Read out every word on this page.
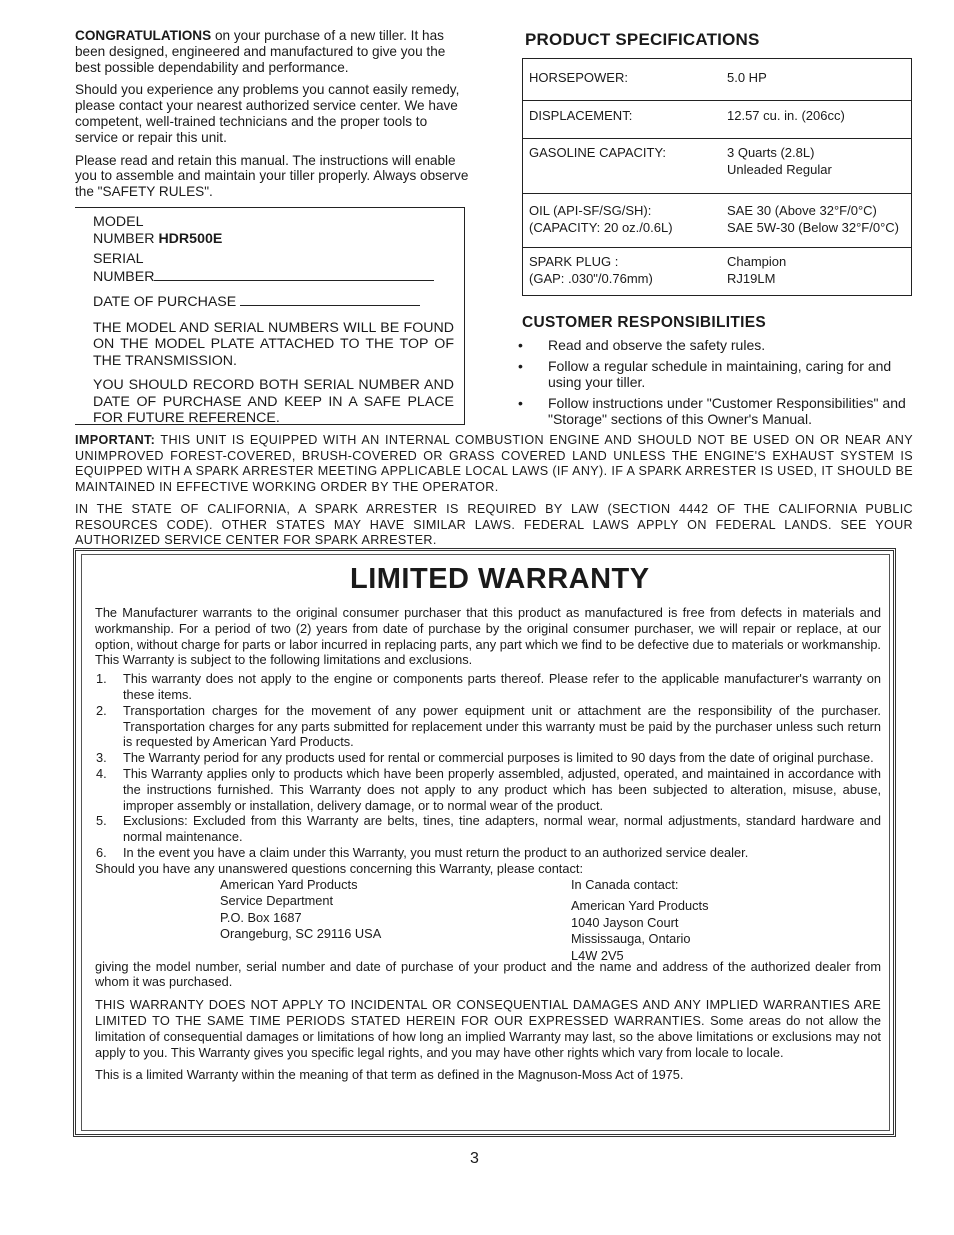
CONGRATULATIONS on your purchase of a new tiller. It has been designed, engineered and manufactured to give you the best possible dependability and performance.

Should you experience any problems you cannot easily remedy, please contact your nearest authorized service center. We have competent, well-trained technicians and the proper tools to service or repair this unit.

Please read and retain this manual. The instructions will enable you to assemble and maintain your tiller properly. Always observe the "SAFETY RULES".

MODEL
NUMBER HDR500E
SERIAL
NUMBER
DATE OF PURCHASE
THE MODEL AND SERIAL NUMBERS WILL BE FOUND ON THE MODEL PLATE ATTACHED TO THE TOP OF THE TRANSMISSION.
YOU SHOULD RECORD BOTH SERIAL NUMBER AND DATE OF PURCHASE AND KEEP IN A SAFE PLACE FOR FUTURE REFERENCE.
PRODUCT SPECIFICATIONS
HORSEPOWER:	5.0 HP

DISPLACEMENT:	12.57 cu. in. (206cc)

GASOLINE CAPACITY:	3 Quarts (2.8L)
Unleaded Regular

OIL (API-SF/SG/SH):
(CAPACITY: 20 oz./0.6L)	SAE 30 (Above 32°F/0°C)
SAE 5W-30 (Below 32°F/0°C)

SPARK PLUG :
(GAP: .030"/0.76mm)	Champion
RJ19LM
CUSTOMER RESPONSIBILITIES
• Read and observe the safety rules.
• Follow a regular schedule in maintaining, caring for and using your tiller.
• Follow instructions under "Customer Responsibilities" and "Storage" sections of this Owner's Manual.
IMPORTANT: THIS UNIT IS EQUIPPED WITH AN INTERNAL COMBUSTION ENGINE AND SHOULD NOT BE USED ON OR NEAR ANY UNIMPROVED FOREST-COVERED, BRUSH-COVERED OR GRASS COVERED LAND UNLESS THE ENGINE'S EXHAUST SYSTEM IS EQUIPPED WITH A SPARK ARRESTER MEETING APPLICABLE LOCAL LAWS (IF ANY). IF A SPARK ARRESTER IS USED, IT SHOULD BE MAINTAINED IN EFFECTIVE WORKING ORDER BY THE OPERATOR.
IN THE STATE OF CALIFORNIA, A SPARK ARRESTER IS REQUIRED BY LAW (SECTION 4442 OF THE CALIFORNIA PUBLIC RESOURCES CODE). OTHER STATES MAY HAVE SIMILAR LAWS. FEDERAL LAWS APPLY ON FEDERAL LANDS. SEE YOUR AUTHORIZED SERVICE CENTER FOR SPARK ARRESTER.
LIMITED WARRANTY

The Manufacturer warrants to the original consumer purchaser that this product as manufactured is free from defects in materials and workmanship. For a period of two (2) years from date of purchase by the original consumer purchaser, we will repair or replace, at our option, without charge for parts or labor incurred in replacing parts, any part which we find to be defective due to materials or workmanship. This Warranty is subject to the following limitations and exclusions.

1. This warranty does not apply to the engine or components parts thereof. Please refer to the applicable manufacturer's warranty on these items.
2. Transportation charges for the movement of any power equipment unit or attachment are the responsibility of the purchaser. Transportation charges for any parts submitted for replacement under this warranty must be paid by the purchaser unless such return is requested by American Yard Products.
3. The Warranty period for any products used for rental or commercial purposes is limited to 90 days from the date of original purchase.
4. This Warranty applies only to products which have been properly assembled, adjusted, operated, and maintained in accordance with the instructions furnished. This Warranty does not apply to any product which has been subjected to alteration, misuse, abuse, improper assembly or installation, delivery damage, or to normal wear of the product.
5. Exclusions: Excluded from this Warranty are belts, tines, tine adapters, normal wear, normal adjustments, standard hardware and normal maintenance.
6. In the event you have a claim under this Warranty, you must return the product to an authorized service dealer.

Should you have any unanswered questions concerning this Warranty, please contact:

American Yard Products
Service Department
P.O. Box 1687
Orangeburg, SC 29116 USA
In Canada contact:
American Yard Products
1040 Jayson Court
Mississauga, Ontario
L4W 2V5

giving the model number, serial number and date of purchase of your product and the name and address of the authorized dealer from whom it was purchased.

THIS WARRANTY DOES NOT APPLY TO INCIDENTAL OR CONSEQUENTIAL DAMAGES AND ANY IMPLIED WARRANTIES ARE LIMITED TO THE SAME TIME PERIODS STATED HEREIN FOR OUR EXPRESSED WARRANTIES. Some areas do not allow the limitation of consequential damages or limitations of how long an implied Warranty may last, so the above limitations or exclusions may not apply to you. This Warranty gives you specific legal rights, and you may have other rights which vary from locale to locale.

This is a limited Warranty within the meaning of that term as defined in the Magnuson-Moss Act of 1975.

3
